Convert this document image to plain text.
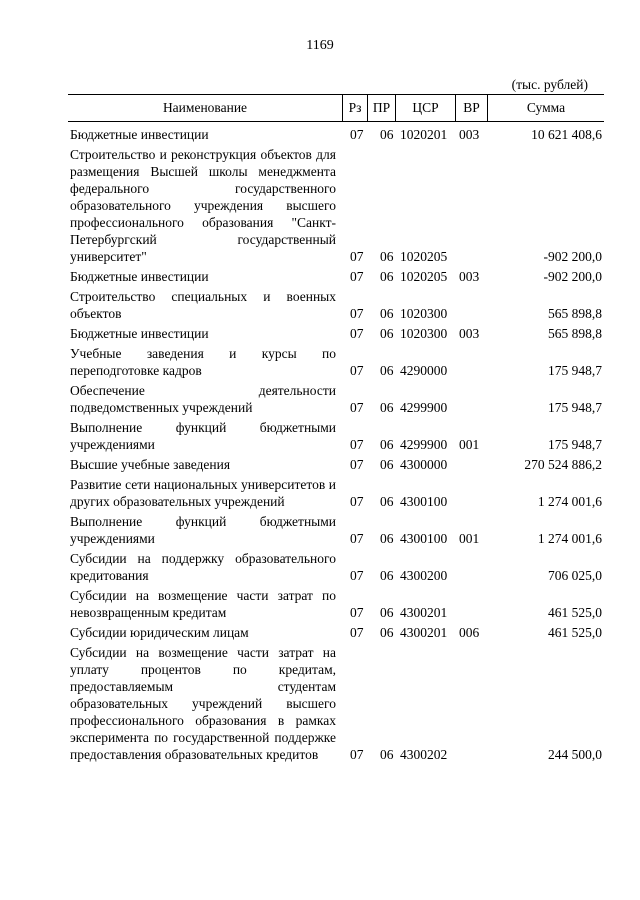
1169
(тыс. рублей)
Наименование	Рз ПР	ЦСР	ВР	Сумма
Бюджетные инвестиции	07	06 1020201 003	10 621 408,6
Строительство и реконструкция объектов для размещения Высшей школы менеджмента федерального государственного образовательного учреждения высшего профессионального образования "Санкт-Петербургский государственный университет"	07	06 1020205	-902 200,0
Бюджетные инвестиции	07	06 1020205 003	-902 200,0
Строительство специальных и военных объектов	07	06 1020300	565 898,8
Бюджетные инвестиции	07	06 1020300 003	565 898,8
Учебные заведения и курсы по переподготовке кадров	07	06 4290000	175 948,7
Обеспечение деятельности подведомственных учреждений	07	06 4299900	175 948,7
Выполнение функций бюджетными учреждениями	07	06 4299900 001	175 948,7
Высшие учебные заведения	07	06 4300000	270 524 886,2
Развитие сети национальных университетов и других образовательных учреждений	07	06 4300100	1 274 001,6
Выполнение функций бюджетными учреждениями	07	06 4300100 001	1 274 001,6
Субсидии на поддержку образовательного кредитования	07	06 4300200	706 025,0
Субсидии на возмещение части затрат по невозвращенным кредитам	07	06 4300201	461 525,0
Субсидии юридическим лицам	07	06 4300201 006	461 525,0
Субсидии на возмещение части затрат на уплату процентов по кредитам, предоставляемым студентам образовательных учреждений высшего профессионального образования в рамках эксперимента по государственной поддержке предоставления образовательных кредитов	07	06 4300202	244 500,0
